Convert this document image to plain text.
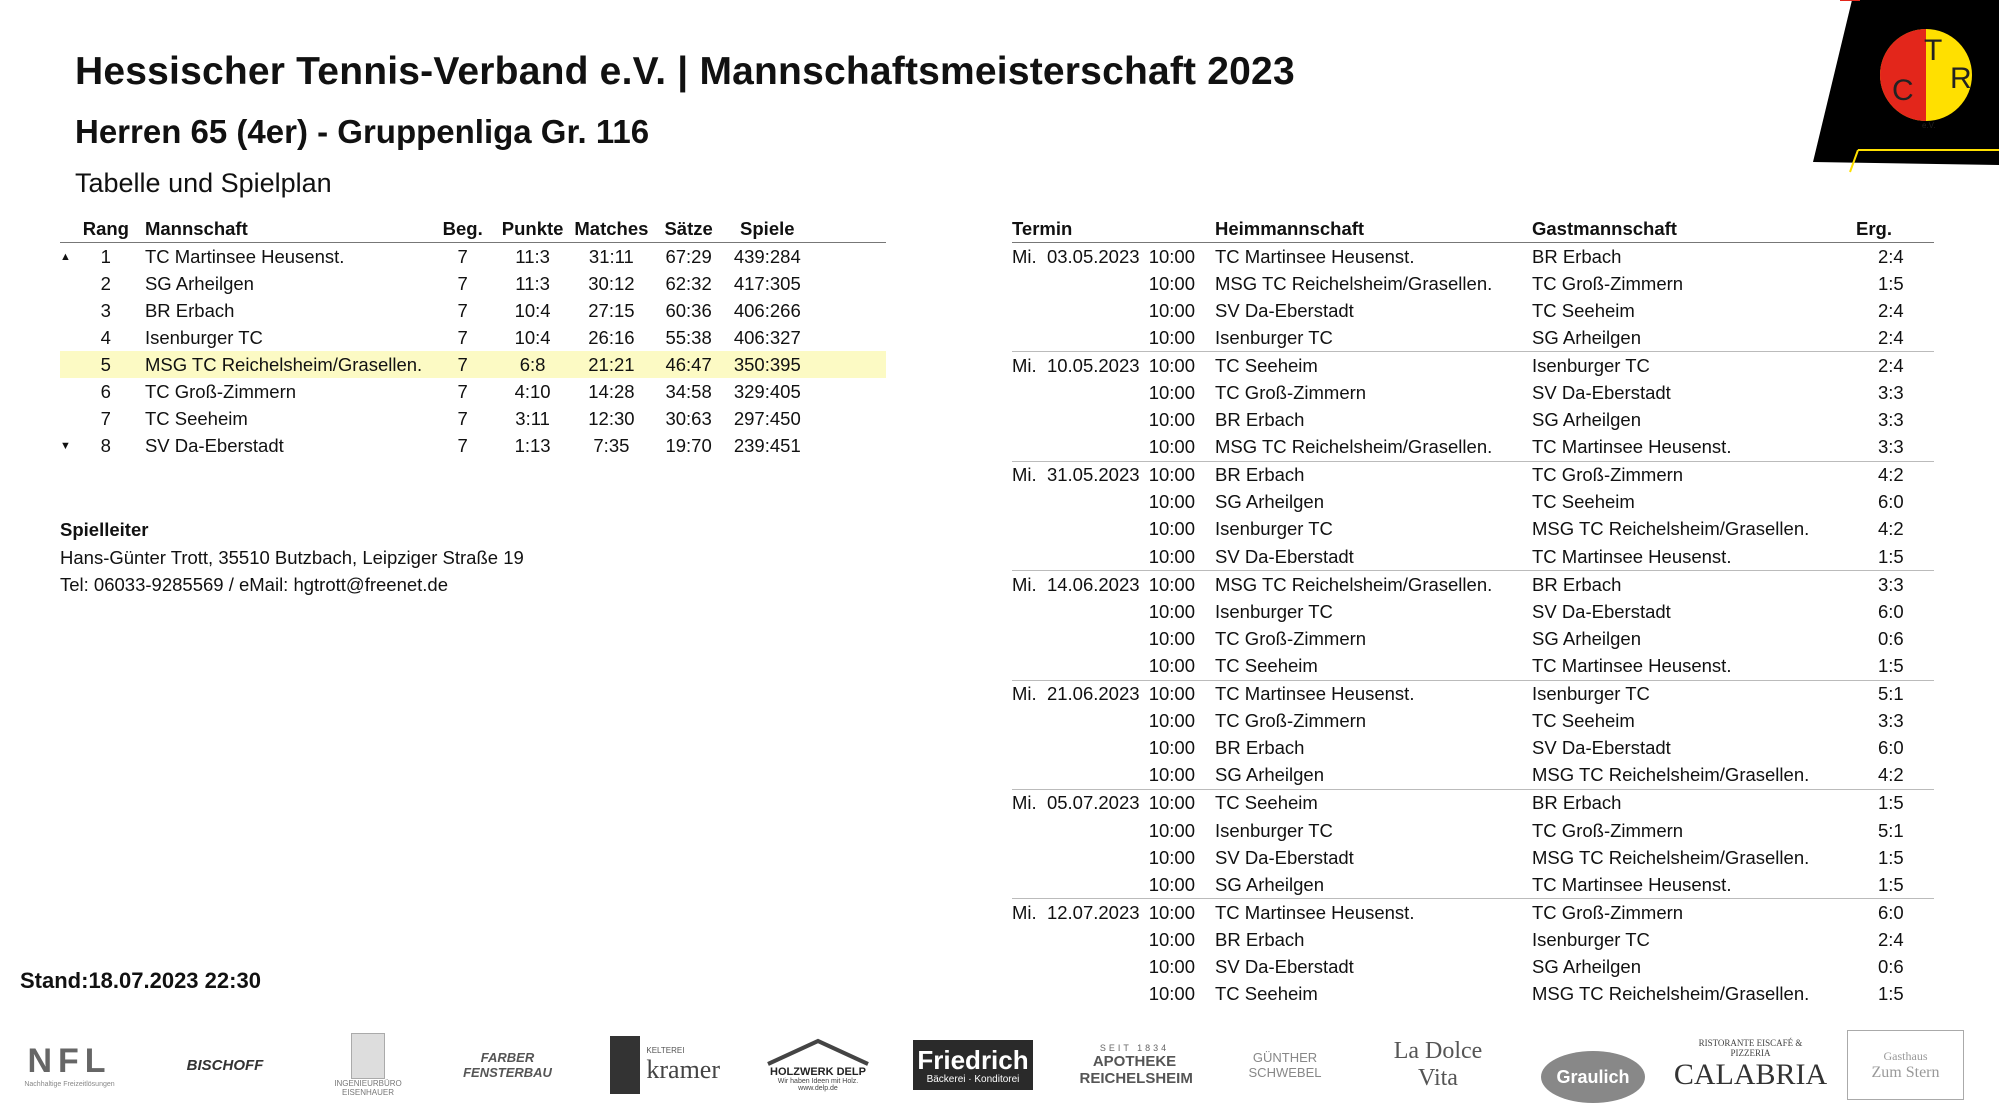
Hessischer Tennis-Verband e.V. | Mannschaftsmeisterschaft 2023
Herren 65 (4er) - Gruppenliga Gr. 116
Tabelle und Spielplan
T
C R
e.V.
	Rang	Mannschaft	Beg.	Punkte	Matches	Sätze	Spiele	
▲	1	TC Martinsee Heusenst.	7	11:3	31:11	67:29	439:284	
	2	SG Arheilgen	7	11:3	30:12	62:32	417:305	
	3	BR Erbach	7	10:4	27:15	60:36	406:266	
	4	Isenburger TC	7	10:4	26:16	55:38	406:327	
	5	MSG TC Reichelsheim/Grasellen.	7	6:8	21:21	46:47	350:395	
	6	TC Groß-Zimmern	7	4:10	14:28	34:58	329:405	
	7	TC Seeheim	7	3:11	12:30	30:63	297:450	
▼	8	SV Da-Eberstadt	7	1:13	7:35	19:70	239:451	
Spielleiter
Hans-Günter Trott, 35510 Butzbach, Leipziger Straße 19
Tel: 06033-9285569 / eMail: hgtrott@freenet.de
Stand:18.07.2023 22:30
Termin		Heimmannschaft	Gastmannschaft	Erg.
Mi.  03.05.2023	10:00	TC Martinsee Heusenst.	BR Erbach	2:4
	10:00	MSG TC Reichelsheim/Grasellen.	TC Groß-Zimmern	1:5
	10:00	SV Da-Eberstadt	TC Seeheim	2:4
	10:00	Isenburger TC	SG Arheilgen	2:4
Mi.  10.05.2023	10:00	TC Seeheim	Isenburger TC	2:4
	10:00	TC Groß-Zimmern	SV Da-Eberstadt	3:3
	10:00	BR Erbach	SG Arheilgen	3:3
	10:00	MSG TC Reichelsheim/Grasellen.	TC Martinsee Heusenst.	3:3
Mi.  31.05.2023	10:00	BR Erbach	TC Groß-Zimmern	4:2
	10:00	SG Arheilgen	TC Seeheim	6:0
	10:00	Isenburger TC	MSG TC Reichelsheim/Grasellen.	4:2
	10:00	SV Da-Eberstadt	TC Martinsee Heusenst.	1:5
Mi.  14.06.2023	10:00	MSG TC Reichelsheim/Grasellen.	BR Erbach	3:3
	10:00	Isenburger TC	SV Da-Eberstadt	6:0
	10:00	TC Groß-Zimmern	SG Arheilgen	0:6
	10:00	TC Seeheim	TC Martinsee Heusenst.	1:5
Mi.  21.06.2023	10:00	TC Martinsee Heusenst.	Isenburger TC	5:1
	10:00	TC Groß-Zimmern	TC Seeheim	3:3
	10:00	BR Erbach	SV Da-Eberstadt	6:0
	10:00	SG Arheilgen	MSG TC Reichelsheim/Grasellen.	4:2
Mi.  05.07.2023	10:00	TC Seeheim	BR Erbach	1:5
	10:00	Isenburger TC	TC Groß-Zimmern	5:1
	10:00	SV Da-Eberstadt	MSG TC Reichelsheim/Grasellen.	1:5
	10:00	SG Arheilgen	TC Martinsee Heusenst.	1:5
Mi.  12.07.2023	10:00	TC Martinsee Heusenst.	TC Groß-Zimmern	6:0
	10:00	BR Erbach	Isenburger TC	2:4
	10:00	SV Da-Eberstadt	SG Arheilgen	0:6
	10:00	TC Seeheim	MSG TC Reichelsheim/Grasellen.	1:5
NFL
Nachhaltige Freizeitlösungen
BISCHOFF
INGENIEURBÜRO EISENHAUER
FARBER FENSTERBAU
KELTEREI
kramer	HOLZWERK DELP
Wir haben Ideen mit Holz. www.delp.de
Friedrich
Bäckerei · Konditorei
SEIT 1834
APOTHEKE REICHELSHEIM
GÜNTHER SCHWEBEL
La Dolce Vita	Graulich
RISTORANTE EISCAFÉ & PIZZERIA
CALABRIA
Gasthaus
Zum Stern
